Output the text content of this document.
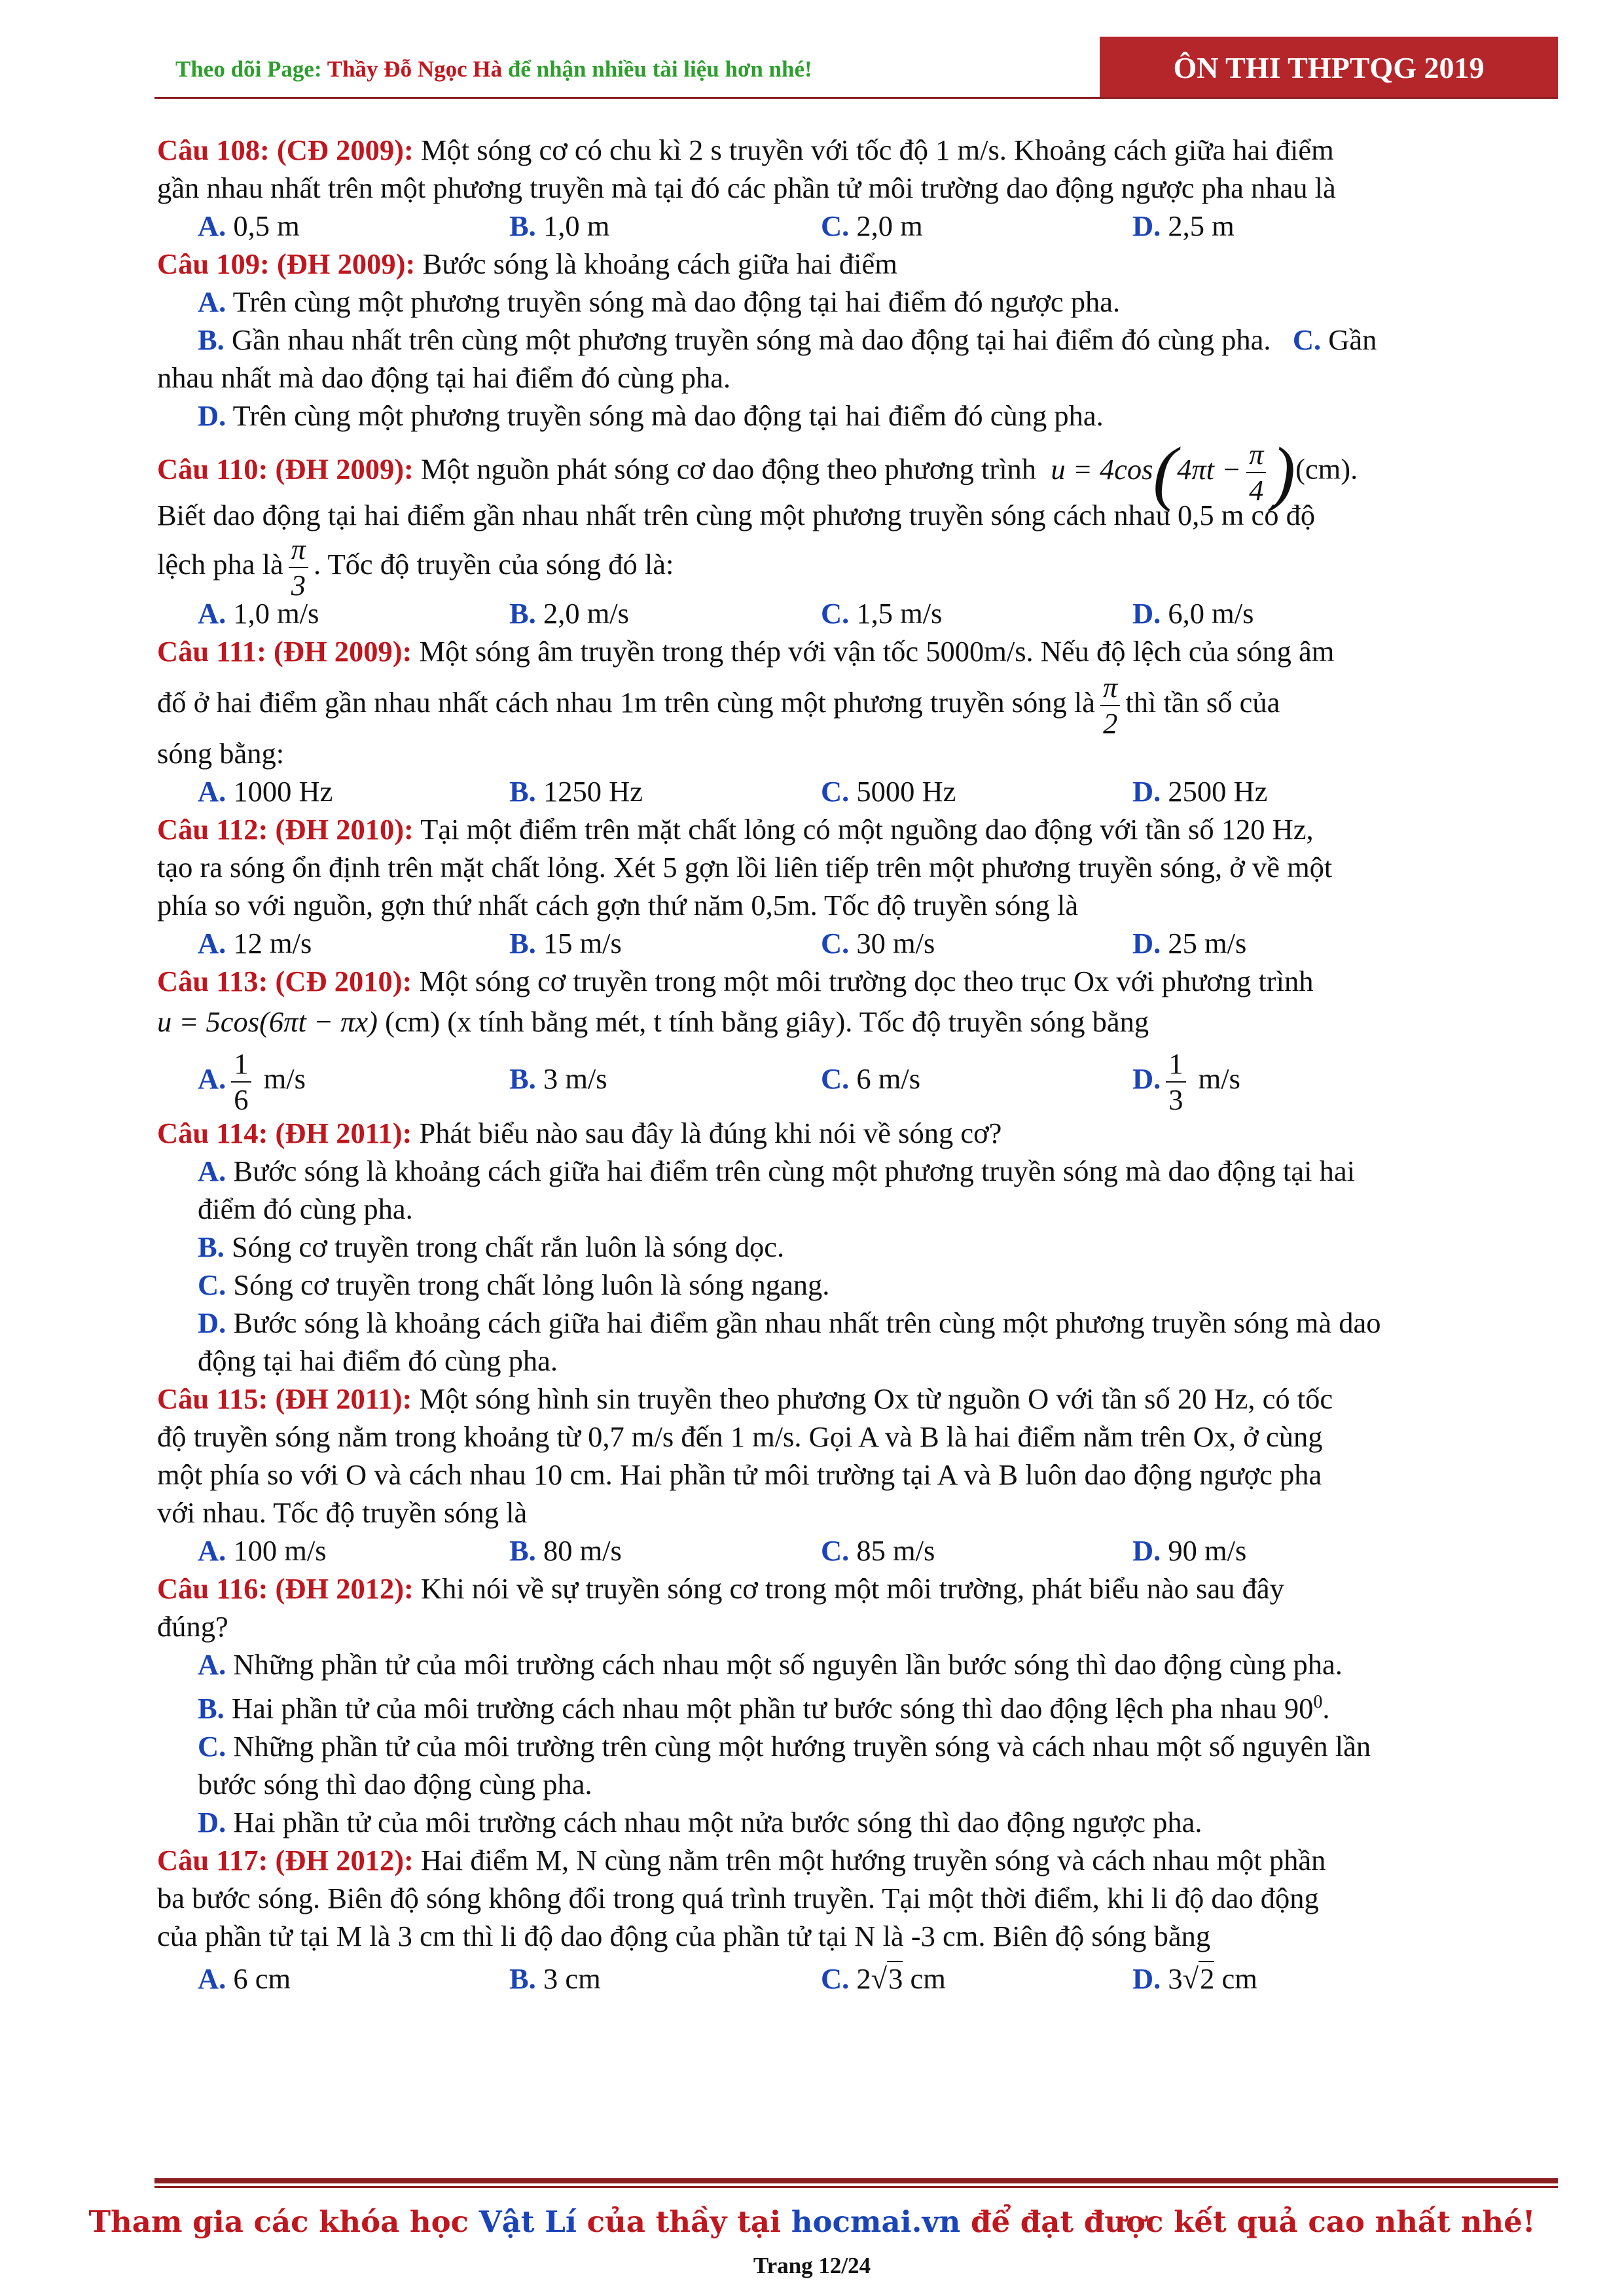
Theo dõi Page: Thầy Đỗ Ngọc Hà để nhận nhiều tài liệu hơn nhé!	ÔN THI THPTQG 2019
Câu 108: (CĐ 2009): Một sóng cơ có chu kì 2 s truyền với tốc độ 1 m/s. Khoảng cách giữa hai điểm
gần nhau nhất trên một phương truyền mà tại đó các phần tử môi trường dao động ngược pha nhau là
A. 0,5 m	B. 1,0 m	C. 2,0 m	D. 2,5 m
Câu 109: (ĐH 2009): Bước sóng là khoảng cách giữa hai điểm
A. Trên cùng một phương truyền sóng mà dao động tại hai điểm đó ngược pha.
B. Gần nhau nhất trên cùng một phương truyền sóng mà dao động tại hai điểm đó cùng pha. C. Gần
nhau nhất mà dao động tại hai điểm đó cùng pha.
D. Trên cùng một phương truyền sóng mà dao động tại hai điểm đó cùng pha.
Câu 110: (ĐH 2009): Một nguồn phát sóng cơ dao động theo phương trình $u = 4\cos(4\pi t - \frac{\pi}{4} )(cm)$.
Biết dao động tại hai điểm gần nhau nhất trên cùng một phương truyền sóng cách nhau 0,5 m có độ
lệch pha là $\frac{\pi}{3}$ . Tốc độ truyền của sóng đó là:
A. 1,0 m/s	B. 2,0 m/s	C. 1,5 m/s	D. 6,0 m/s
Câu 111: (ĐH 2009): Một sóng âm truyền trong thép với vận tốc 5000m/s. Nếu độ lệch của sóng âm
đố ở hai điểm gần nhau nhất cách nhau 1m trên cùng một phương truyền sóng là $\frac{\pi}{2}$ thì tần số của
sóng bằng:
A. 1000 Hz	B. 1250 Hz	C. 5000 Hz	D. 2500 Hz
Câu 112: (ĐH 2010): Tại một điểm trên mặt chất lỏng có một nguồng dao động với tần số 120 Hz,
tạo ra sóng ổn định trên mặt chất lỏng. Xét 5 gợn lồi liên tiếp trên một phương truyền sóng, ở về một
phía so với nguồn, gợn thứ nhất cách gợn thứ năm 0,5m. Tốc độ truyền sóng là
A. 12 m/s	B. 15 m/s	C. 30 m/s	D. 25 m/s
Câu 113: (CĐ 2010): Một sóng cơ truyền trong một môi trường dọc theo trục Ox với phương trình
u = 5cos(6πt − πx) (cm) (x tính bằng mét, t tính bằng giây). Tốc độ truyền sóng bằng
A. $\frac{1}{6} m/s$	B. 3 m/s	C. 6 m/s	D. $\frac{1}{3} m/s$
Câu 114: (ĐH 2011): Phát biểu nào sau đây là đúng khi nói về sóng cơ?
A. Bước sóng là khoảng cách giữa hai điểm trên cùng một phương truyền sóng mà dao động tại hai
điểm đó cùng pha.
B. Sóng cơ truyền trong chất rắn luôn là sóng dọc.
C. Sóng cơ truyền trong chất lỏng luôn là sóng ngang.
D. Bước sóng là khoảng cách giữa hai điểm gần nhau nhất trên cùng một phương truyền sóng mà dao
động tại hai điểm đó cùng pha.
Câu 115: (ĐH 2011): Một sóng hình sin truyền theo phương Ox từ nguồn O với tần số 20 Hz, có tốc
độ truyền sóng nằm trong khoảng từ 0,7 m/s đến 1 m/s. Gọi A và B là hai điểm nằm trên Ox, ở cùng
một phía so với O và cách nhau 10 cm. Hai phần tử môi trường tại A và B luôn dao động ngược pha
với nhau. Tốc độ truyền sóng là
A. 100 m/s	B. 80 m/s	C. 85 m/s	D. 90 m/s
Câu 116: (ĐH 2012): Khi nói về sự truyền sóng cơ trong một môi trường, phát biểu nào sau đây
đúng?
A. Những phần tử của môi trường cách nhau một số nguyên lần bước sóng thì dao động cùng pha.
B. Hai phần tử của môi trường cách nhau một phần tư bước sóng thì dao động lệch pha nhau $90^0$.
C. Những phần tử của môi trường trên cùng một hướng truyền sóng và cách nhau một số nguyên lần
bước sóng thì dao động cùng pha.
D. Hai phần tử của môi trường cách nhau một nửa bước sóng thì dao động ngược pha.
Câu 117: (ĐH 2012): Hai điểm M, N cùng nằm trên một hướng truyền sóng và cách nhau một phần
ba bước sóng. Biên độ sóng không đổi trong quá trình truyền. Tại một thời điểm, khi li độ dao động
của phần tử tại M là 3 cm thì li độ dao động của phần tử tại N là -3 cm. Biên độ sóng bằng
A. 6 cm	B. 3 cm	C. 2√3 cm	D. 3√2 cm
Tham gia các khóa học Vật Lí của thầy tại hocmai.vn để đạt được kết quả cao nhất nhé!
Trang 12/24
